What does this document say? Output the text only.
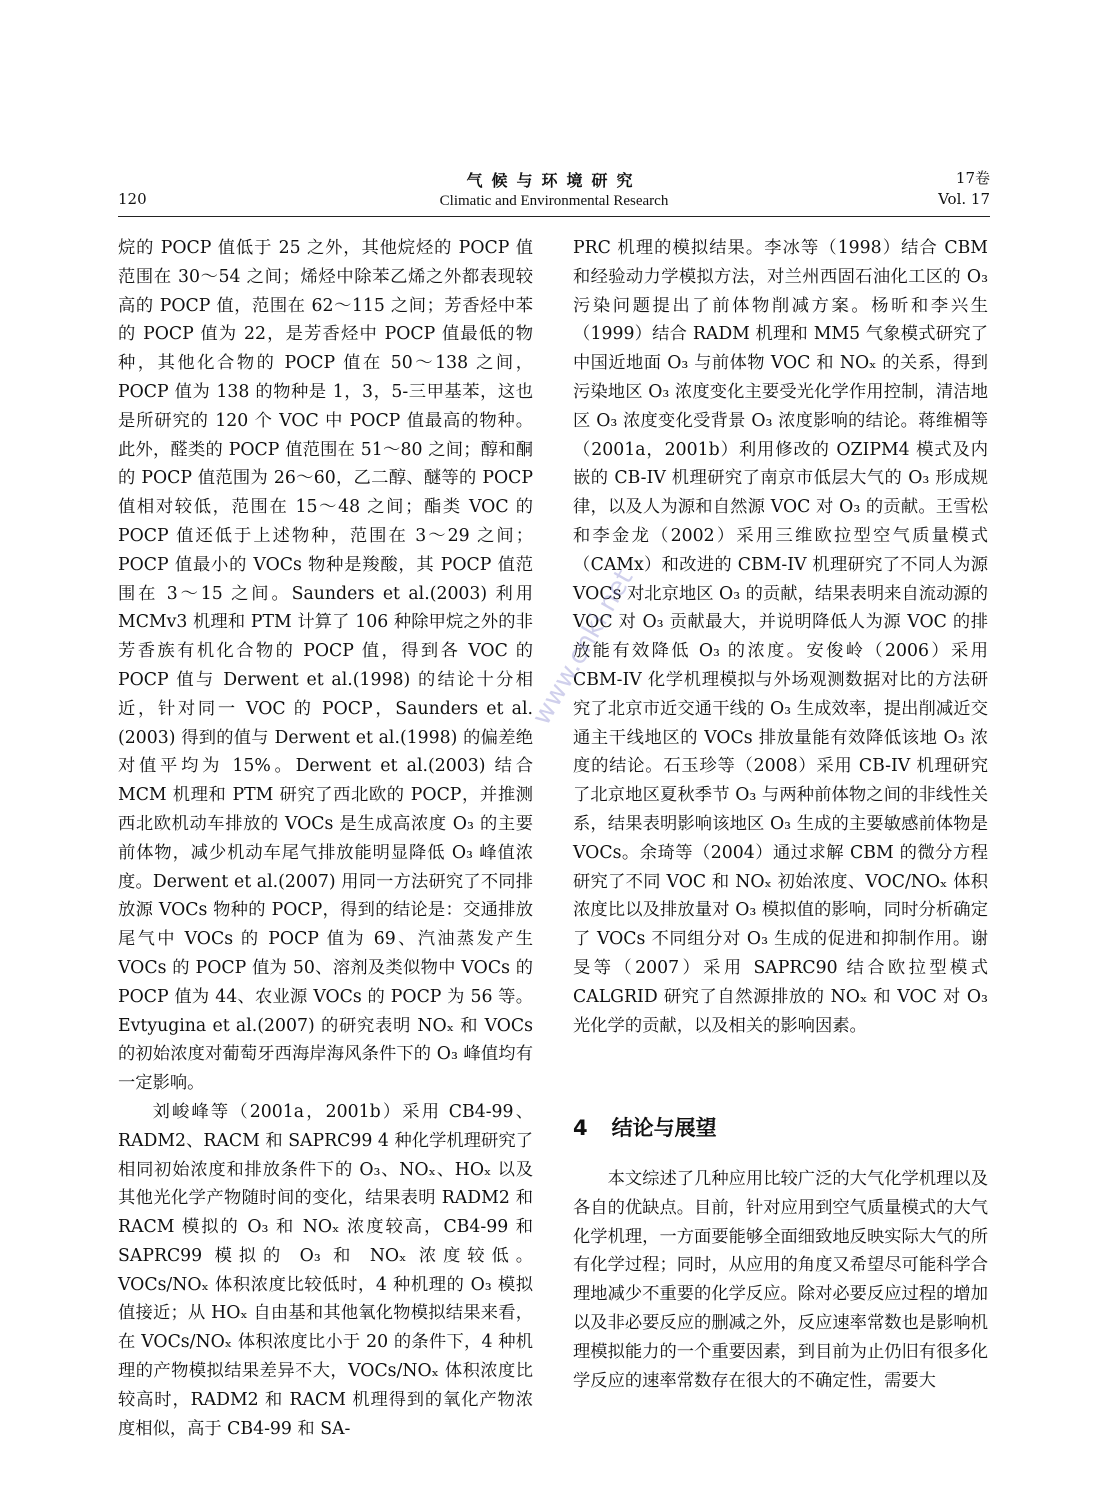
120
气候与环境研究
Climatic and Environmental Research
17卷
Vol. 17

烷的 POCP 值低于 25 之外，其他烷烃的 POCP 值范围在 30～54 之间；烯烃中除苯乙烯之外都表现较高的 POCP 值，范围在 62～115 之间；芳香烃中苯的 POCP 值为 22，是芳香烃中 POCP 值最低的物种，其他化合物的 POCP 值在 50～138 之间，POCP 值为 138 的物种是 1，3，5-三甲基苯，这也是所研究的 120 个 VOC 中 POCP 值最高的物种。此外，醛类的 POCP 值范围在 51～80 之间；醇和酮的 POCP 值范围为 26～60，乙二醇、醚等的 POCP 值相对较低，范围在 15～48 之间；酯类 VOC 的 POCP 值还低于上述物种，范围在 3～29 之间；POCP 值最小的 VOCs 物种是羧酸，其 POCP 值范围在 3～15 之间。Saunders et al.(2003) 利用 MCMv3 机理和 PTM 计算了 106 种除甲烷之外的非芳香族有机化合物的 POCP 值，得到各 VOC 的 POCP 值与 Derwent et al.(1998) 的结论十分相近，针对同一 VOC 的 POCP，Saunders et al.(2003) 得到的值与 Derwent et al.(1998) 的偏差绝对值平均为 15%。Derwent et al.(2003) 结合 MCM 机理和 PTM 研究了西北欧的 POCP，并推测西北欧机动车排放的 VOCs 是生成高浓度 O₃ 的主要前体物，减少机动车尾气排放能明显降低 O₃ 峰值浓度。Derwent et al.(2007) 用同一方法研究了不同排放源 VOCs 物种的 POCP，得到的结论是：交通排放尾气中 VOCs 的 POCP 值为 69、汽油蒸发产生 VOCs 的 POCP 值为 50、溶剂及类似物中 VOCs 的 POCP 值为 44、农业源 VOCs 的 POCP 为 56 等。Evtyugina et al.(2007) 的研究表明 NOₓ 和 VOCs 的初始浓度对葡萄牙西海岸海风条件下的 O₃ 峰值均有一定影响。

刘峻峰等（2001a，2001b）采用 CB4-99、RADM2、RACM 和 SAPRC99 4 种化学机理研究了相同初始浓度和排放条件下的 O₃、NOₓ、HOₓ 以及其他光化学产物随时间的变化，结果表明 RADM2 和 RACM 模拟的 O₃ 和 NOₓ 浓度较高，CB4-99 和 SAPRC99 模拟的 O₃ 和 NOₓ 浓度较低。VOCs/NOₓ 体积浓度比较低时，4 种机理的 O₃ 模拟值接近；从 HOₓ 自由基和其他氧化物模拟结果来看，在 VOCs/NOₓ 体积浓度比小于 20 的条件下，4 种机理的产物模拟结果差异不大，VOCs/NOₓ 体积浓度比较高时，RADM2 和 RACM 机理得到的氧化产物浓度相似，高于 CB4-99 和 SA-

PRC 机理的模拟结果。李冰等（1998）结合 CBM 和经验动力学模拟方法，对兰州西固石油化工区的 O₃ 污染问题提出了前体物削减方案。杨昕和李兴生（1999）结合 RADM 机理和 MM5 气象模式研究了中国近地面 O₃ 与前体物 VOC 和 NOₓ 的关系，得到污染地区 O₃ 浓度变化主要受光化学作用控制，清洁地区 O₃ 浓度变化受背景 O₃ 浓度影响的结论。蒋维楣等（2001a，2001b）利用修改的 OZIPM4 模式及内嵌的 CB-IV 机理研究了南京市低层大气的 O₃ 形成规律，以及人为源和自然源 VOC 对 O₃ 的贡献。王雪松和李金龙（2002）采用三维欧拉型空气质量模式（CAMx）和改进的 CBM-IV 机理研究了不同人为源 VOCs 对北京地区 O₃ 的贡献，结果表明来自流动源的 VOC 对 O₃ 贡献最大，并说明降低人为源 VOC 的排放能有效降低 O₃ 的浓度。安俊岭（2006）采用 CBM-IV 化学机理模拟与外场观测数据对比的方法研究了北京市近交通干线的 O₃ 生成效率，提出削减近交通主干线地区的 VOCs 排放量能有效降低该地 O₃ 浓度的结论。石玉珍等（2008）采用 CB-IV 机理研究了北京地区夏秋季节 O₃ 与两种前体物之间的非线性关系，结果表明影响该地区 O₃ 生成的主要敏感前体物是 VOCs。余琦等（2004）通过求解 CBM 的微分方程研究了不同 VOC 和 NOₓ 初始浓度、VOC/NOₓ 体积浓度比以及排放量对 O₃ 模拟值的影响，同时分析确定了 VOCs 不同组分对 O₃ 生成的促进和抑制作用。谢旻等（2007）采用 SAPRC90 结合欧拉型模式 CALGRID 研究了自然源排放的 NOₓ 和 VOC 对 O₃ 光化学的贡献，以及相关的影响因素。

4 结论与展望

本文综述了几种应用比较广泛的大气化学机理以及各自的优缺点。目前，针对应用到空气质量模式的大气化学机理，一方面要能够全面细致地反映实际大气的所有化学过程；同时，从应用的角度又希望尽可能科学合理地减少不重要的化学反应。除对必要反应过程的增加以及非必要反应的删减之外，反应速率常数也是影响机理模拟能力的一个重要因素，到目前为止仍旧有很多化学反应的速率常数存在很大的不确定性，需要大

www.cnki.net
